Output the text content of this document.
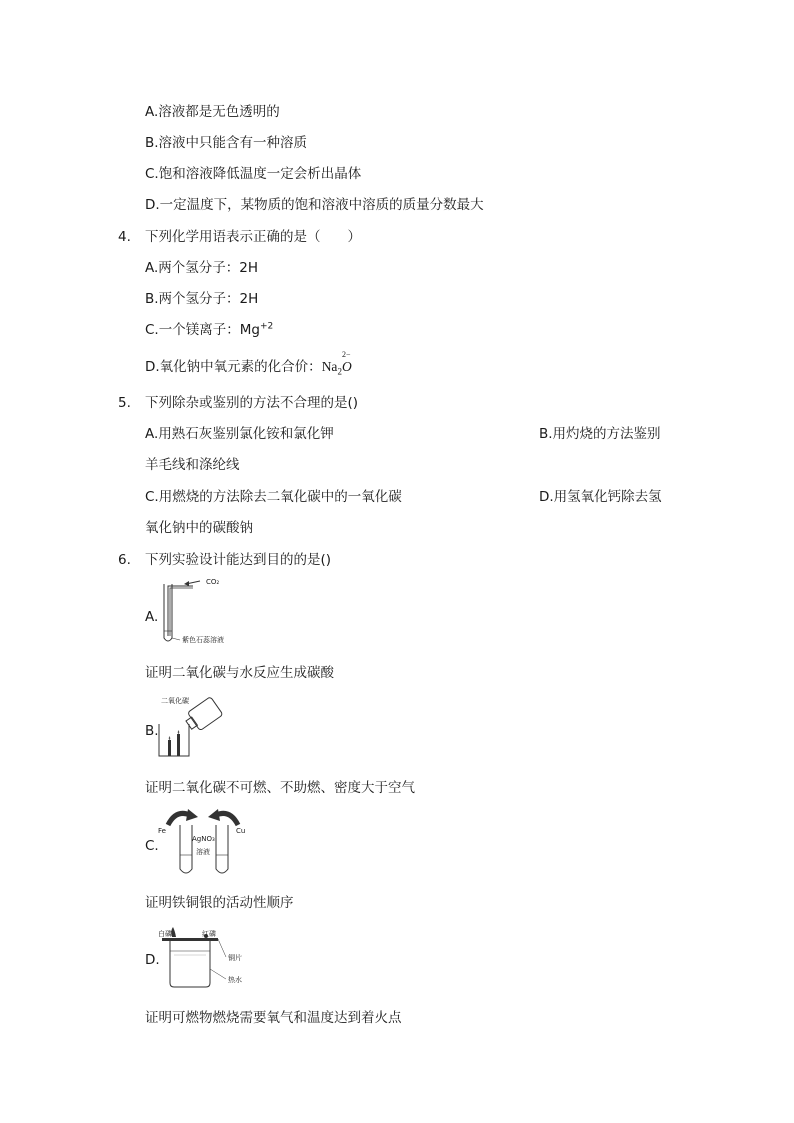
A.溶液都是无色透明的
B.溶液中只能含有一种溶质
C.饱和溶液降低温度一定会析出晶体
D.一定温度下，某物质的饱和溶液中溶质的质量分数最大
4. 下列化学用语表示正确的是（　　）
A.两个氢分子：2H
B.两个氢分子：2H
C.一个镁离子：$Mg^{+2}$
D.氧化钠中氧元素的化合价：$Na_2$
2−
O
5. 下列除杂或鉴别的方法不合理的是()
A.用熟石灰鉴别氯化铵和氯化钾	B.用灼烧的方法鉴别
羊毛线和涤纶线
C.用燃烧的方法除去二氧化碳中的一氧化碳	D.用氢氧化钙除去氢
氧化钠中的碳酸钠
6. 下列实验设计能达到目的的是()
A.
CO₂
紫色石蕊溶液
证明二氧化碳与水反应生成碳酸
B.
二氧化碳
证明二氧化碳不可燃、不助燃、密度大于空气
C.
Fe	Cu
AgNO₃
溶液
证明铁铜银的活动性顺序
D.
白磷	红磷
铜片
热水
证明可燃物燃烧需要氧气和温度达到着火点
